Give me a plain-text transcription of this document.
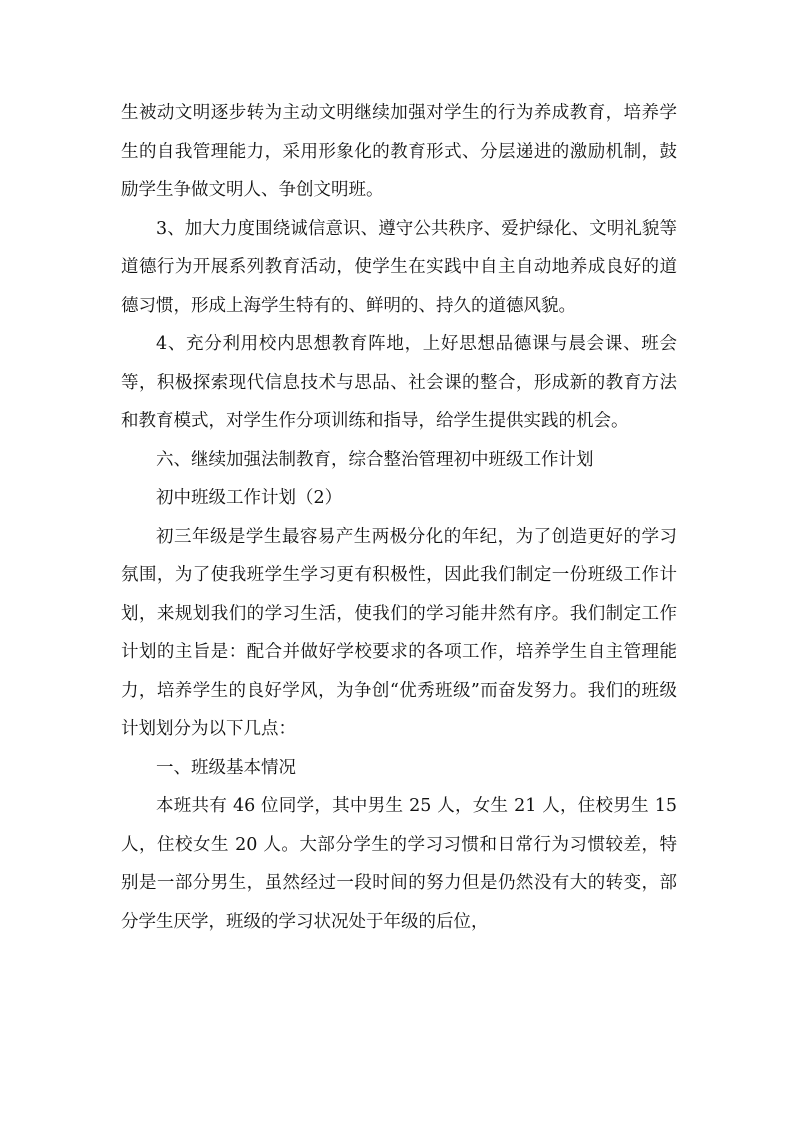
生被动文明逐步转为主动文明继续加强对学生的行为养成教育，培养学生的自我管理能力，采用形象化的教育形式、分层递进的激励机制，鼓励学生争做文明人、争创文明班。

3、加大力度围绕诚信意识、遵守公共秩序、爱护绿化、文明礼貌等道德行为开展系列教育活动，使学生在实践中自主自动地养成良好的道德习惯，形成上海学生特有的、鲜明的、持久的道德风貌。

4、充分利用校内思想教育阵地，上好思想品德课与晨会课、班会等，积极探索现代信息技术与思品、社会课的整合，形成新的教育方法和教育模式，对学生作分项训练和指导，给学生提供实践的机会。

六、继续加强法制教育，综合整治管理初中班级工作计划

初中班级工作计划（2）

初三年级是学生最容易产生两极分化的年纪，为了创造更好的学习氛围，为了使我班学生学习更有积极性，因此我们制定一份班级工作计划，来规划我们的学习生活，使我们的学习能井然有序。我们制定工作计划的主旨是：配合并做好学校要求的各项工作，培养学生自主管理能力，培养学生的良好学风，为争创“优秀班级”而奋发努力。我们的班级计划划分为以下几点：

一、班级基本情况

本班共有 46 位同学，其中男生 25 人，女生 21 人，住校男生 15 人，住校女生 20 人。大部分学生的学习习惯和日常行为习惯较差，特别是一部分男生，虽然经过一段时间的努力但是仍然没有大的转变，部分学生厌学，班级的学习状况处于年级的后位，
